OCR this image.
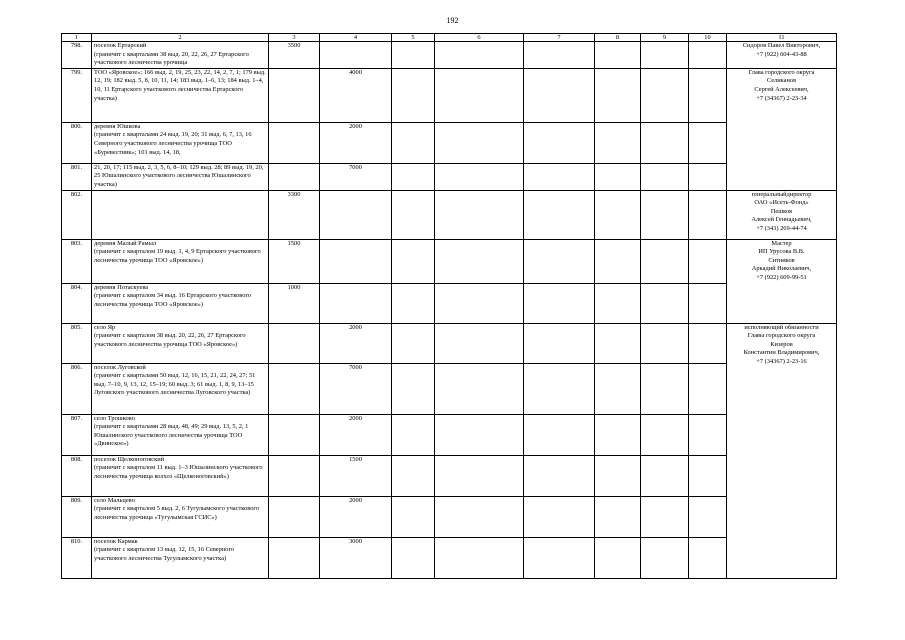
192
1	2	3	4	5	6	7	8	9	10	11
798.	поселок Ертарский
(граничит с кварталами 38 выд. 20, 22, 26, 27 Ертарского участкового лесничества урочища	3500								Сидоров Павел Викторович,
+7 (922) 604-43-88

799.	ТОО «Яровское»; 166 выд. 2, 19, 25, 23, 22, 14, 2, 7, 1; 179 выд. 12, 19; 182 выд. 5, 8, 10, 11, 14; 183 выд. 1–6, 13; 184 выд. 1–4, 10, 11 Ертарского участкового лесничества Ертарского участка)		4000							Глава городского округа
Селиканов
Сергей Алексеевич,
+7 (34367) 2-23-34

800.	деревня Юшкова
(граничит с кварталами 24 выд. 19, 20; 31 выд. 6, 7, 13, 16 Северного участкового лесничества урочища ТОО «Буревестник»; 101 выд. 14, 18,		2000							
801.	21, 20, 17; 115 выд. 2, 3, 5, 6, 8–10; 129 выд. 28; 89 выд. 19, 20, 25 Юшалинского участкового лесничества Юшалинского участка)		7000							
802.		3300								генеральныйдиректор
ОАО «Исеть-Фонд»
Пешков
Алексей Геннадьевич,
+7 (343) 269-44-74

803.	деревня Малый Рамыл
(граничит с кварталом 19 выд. 1, 4, 9 Ертарского участкового лесничества урочища ТОО «Яровское»)	1500								Мастер
ИП Урусова В.В.
Ситников
Аркадий Николаевич,
+7 (922) 609-99-51

804.	деревня Потаскуева
(граничит с кварталом 34 выд. 16 Ертарского участкового лесничества урочища ТОО «Яровское»)	1000								
805.	село Яр
(граничит с кварталом 38 выд. 20, 22, 26, 27 Ертарского участкового лесничества урочища ТОО «Яровское»)		2000							исполняющий обязанности
Главы городского округа
Кизеров
Константин Владимирович,
+7 (34367) 2-23-16

806.	поселок Луговской
(граничит с кварталами 50 выд. 12, 16, 15, 21, 22, 24, 27; 51 выд. 7–10, 9, 13, 12, 15–19; 60 выд. 3; 61 выд. 1, 8, 9, 13–15 Луговского участкового лесничества Луговского участка)		7000							
807.	село Трошково
(граничит с кварталами 28 выд. 48, 49; 29 выд. 13, 5, 2, 1 Юшалинского участкового лесничества урочища ТОО «Двинское»)		2000							
808.	поселок Щелконоговский
(граничит с кварталом 11 выд. 1–3 Юшалинского участкового лесничества урочища колхоз «Щелконоговский»)		1500							
809.	село Мальцево
(граничит с кварталом 5 выд. 2, 6 Тугулымского участкового лесничества урочища «Тугулымская ГСИС»)		2000							
810.	поселок Кармак
(граничит с кварталом 13 выд. 12, 15, 16 Северного участкового лесничества Тугулымского участка)		3000							
